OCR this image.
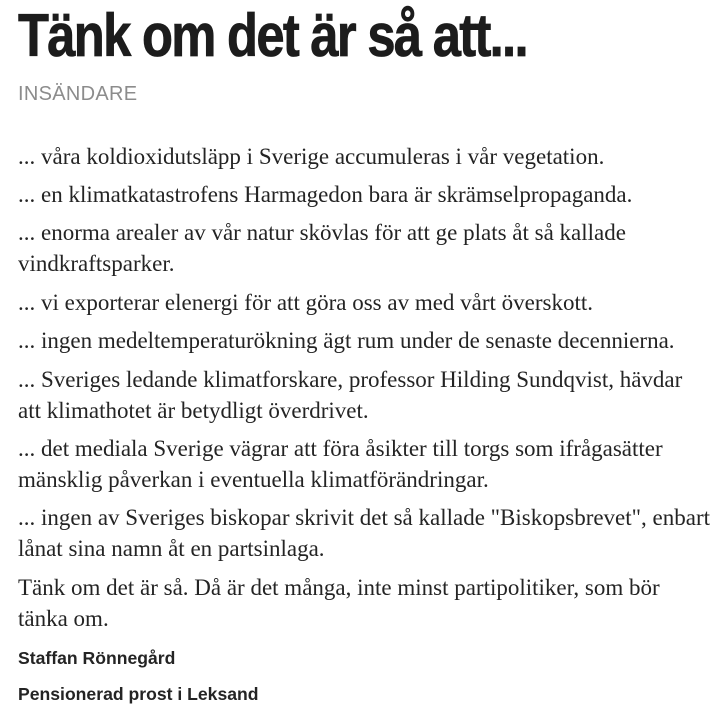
Tänk om det är så att...
INSÄNDARE
... våra koldioxidutsläpp i Sverige accumuleras i vår vegetation.
... en klimatkatastrofens Harmagedon bara är skrämselpropaganda.
... enorma arealer av vår natur skövlas för att ge plats åt så kallade
vindkraftsparker.
... vi exporterar elenergi för att göra oss av med vårt överskott.
... ingen medeltemperaturökning ägt rum under de senaste decennierna.
... Sveriges ledande klimatforskare, professor Hilding Sundqvist, hävdar
att klimathotet är betydligt överdrivet.
... det mediala Sverige vägrar att föra åsikter till torgs som ifrågasätter
mänsklig påverkan i eventuella klimatförändringar.
... ingen av Sveriges biskopar skrivit det så kallade "Biskopsbrevet", enbart
lånat sina namn åt en partsinlaga.
Tänk om det är så. Då är det många, inte minst partipolitiker, som bör
tänka om.
Staffan Rönnegård
Pensionerad prost i Leksand
